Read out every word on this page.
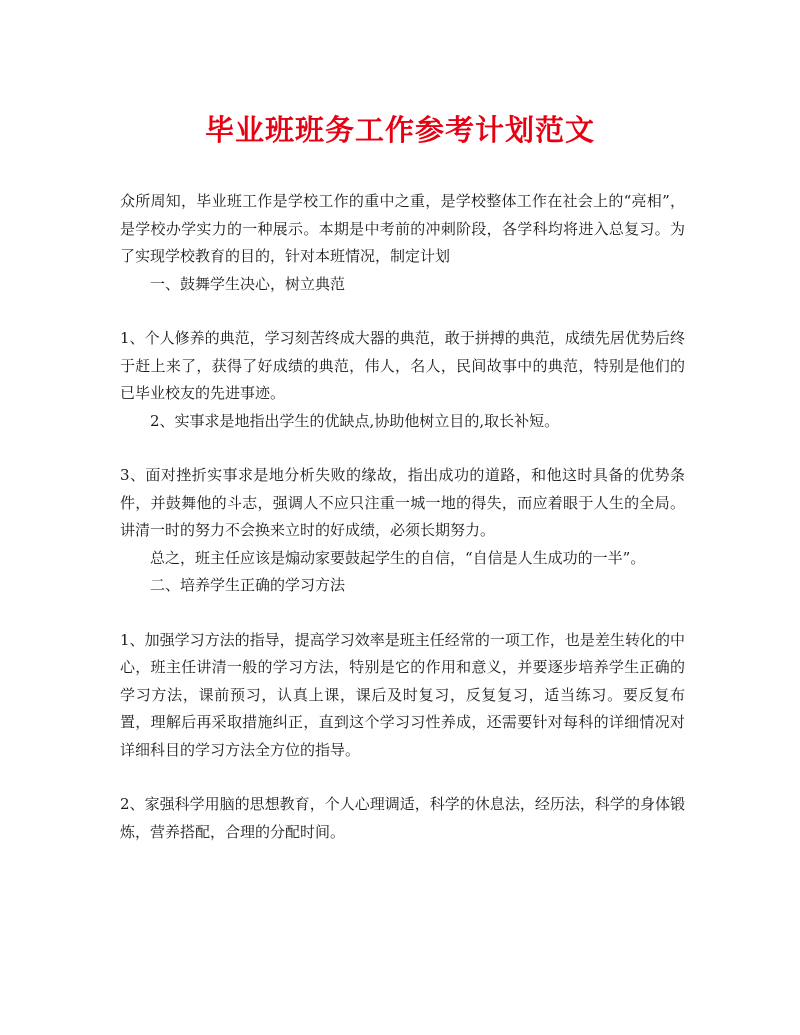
毕业班班务工作参考计划范文

众所周知，毕业班工作是学校工作的重中之重，是学校整体工作在社会上的“亮相”，是学校办学实力的一种展示。本期是中考前的冲刺阶段，各学科均将进入总复习。为了实现学校教育的目的，针对本班情况，制定计划

一、鼓舞学生决心，树立典范

1、个人修养的典范，学习刻苦终成大器的典范，敢于拼搏的典范，成绩先居优势后终于赶上来了，获得了好成绩的典范，伟人，名人，民间故事中的典范，特别是他们的已毕业校友的先进事迹。

2、实事求是地指出学生的优缺点,协助他树立目的,取长补短。

3、面对挫折实事求是地分析失败的缘故，指出成功的道路，和他这时具备的优势条件，并鼓舞他的斗志，强调人不应只注重一城一地的得失，而应着眼于人生的全局。讲清一时的努力不会换来立时的好成绩，必须长期努力。

总之，班主任应该是煽动家要鼓起学生的自信，“自信是人生成功的一半”。

二、培养学生正确的学习方法

1、加强学习方法的指导，提高学习效率是班主任经常的一项工作，也是差生转化的中心，班主任讲清一般的学习方法，特别是它的作用和意义，并要逐步培养学生正确的学习方法，课前预习，认真上课，课后及时复习，反复复习，适当练习。要反复布置，理解后再采取措施纠正，直到这个学习习性养成，还需要针对每科的详细情况对详细科目的学习方法全方位的指导。

2、家强科学用脑的思想教育，个人心理调适，科学的休息法，经历法，科学的身体锻炼，营养搭配，合理的分配时间。
